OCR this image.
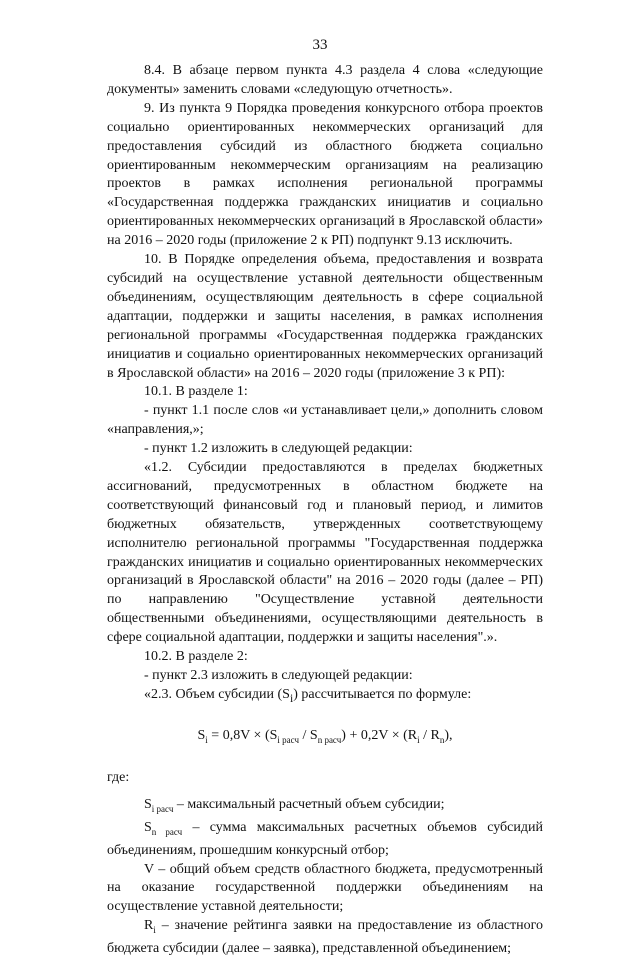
33

8.4. В абзаце первом пункта 4.3 раздела 4 слова «следующие документы» заменить словами «следующую отчетность».

9. Из пункта 9 Порядка проведения конкурсного отбора проектов социально ориентированных некоммерческих организаций для предоставления субсидий из областного бюджета социально ориентированным некоммерческим организациям на реализацию проектов в рамках исполнения региональной программы «Государственная поддержка гражданских инициатив и социально ориентированных некоммерческих организаций в Ярославской области» на 2016 – 2020 годы (приложение 2 к РП) подпункт 9.13 исключить.

10. В Порядке определения объема, предоставления и возврата субсидий на осуществление уставной деятельности общественным объединениям, осуществляющим деятельность в сфере социальной адаптации, поддержки и защиты населения, в рамках исполнения региональной программы «Государственная поддержка гражданских инициатив и социально ориентированных некоммерческих организаций в Ярославской области» на 2016 – 2020 годы (приложение 3 к РП):

10.1. В разделе 1:

- пункт 1.1 после слов «и устанавливает цели,» дополнить словом «направления,»;

- пункт 1.2 изложить в следующей редакции:

«1.2. Субсидии предоставляются в пределах бюджетных ассигнований, предусмотренных в областном бюджете на соответствующий финансовый год и плановый период, и лимитов бюджетных обязательств, утвержденных соответствующему исполнителю региональной программы "Государственная поддержка гражданских инициатив и социально ориентированных некоммерческих организаций в Ярославской области" на 2016 – 2020 годы (далее – РП) по направлению "Осуществление уставной деятельности общественными объединениями, осуществляющими деятельность в сфере социальной адаптации, поддержки и защиты населения".».

10.2. В разделе 2:

- пункт 2.3 изложить в следующей редакции:

«2.3. Объем субсидии $(S_i)$ рассчитывается по формуле:

$S_i = 0,8V \times (S_{i расч} / S_{n расч}) + 0,2V \times (R_i / R_n)$,

где:

$S_{i расч}$ – максимальный расчетный объем субсидии;

$S_{n расч}$ – сумма максимальных расчетных объемов субсидий объединениям, прошедшим конкурсный отбор;

V – общий объем средств областного бюджета, предусмотренный на оказание государственной поддержки объединениям на осуществление уставной деятельности;

$R_i$ – значение рейтинга заявки на предоставление из областного бюджета субсидии (далее – заявка), представленной объединением;
